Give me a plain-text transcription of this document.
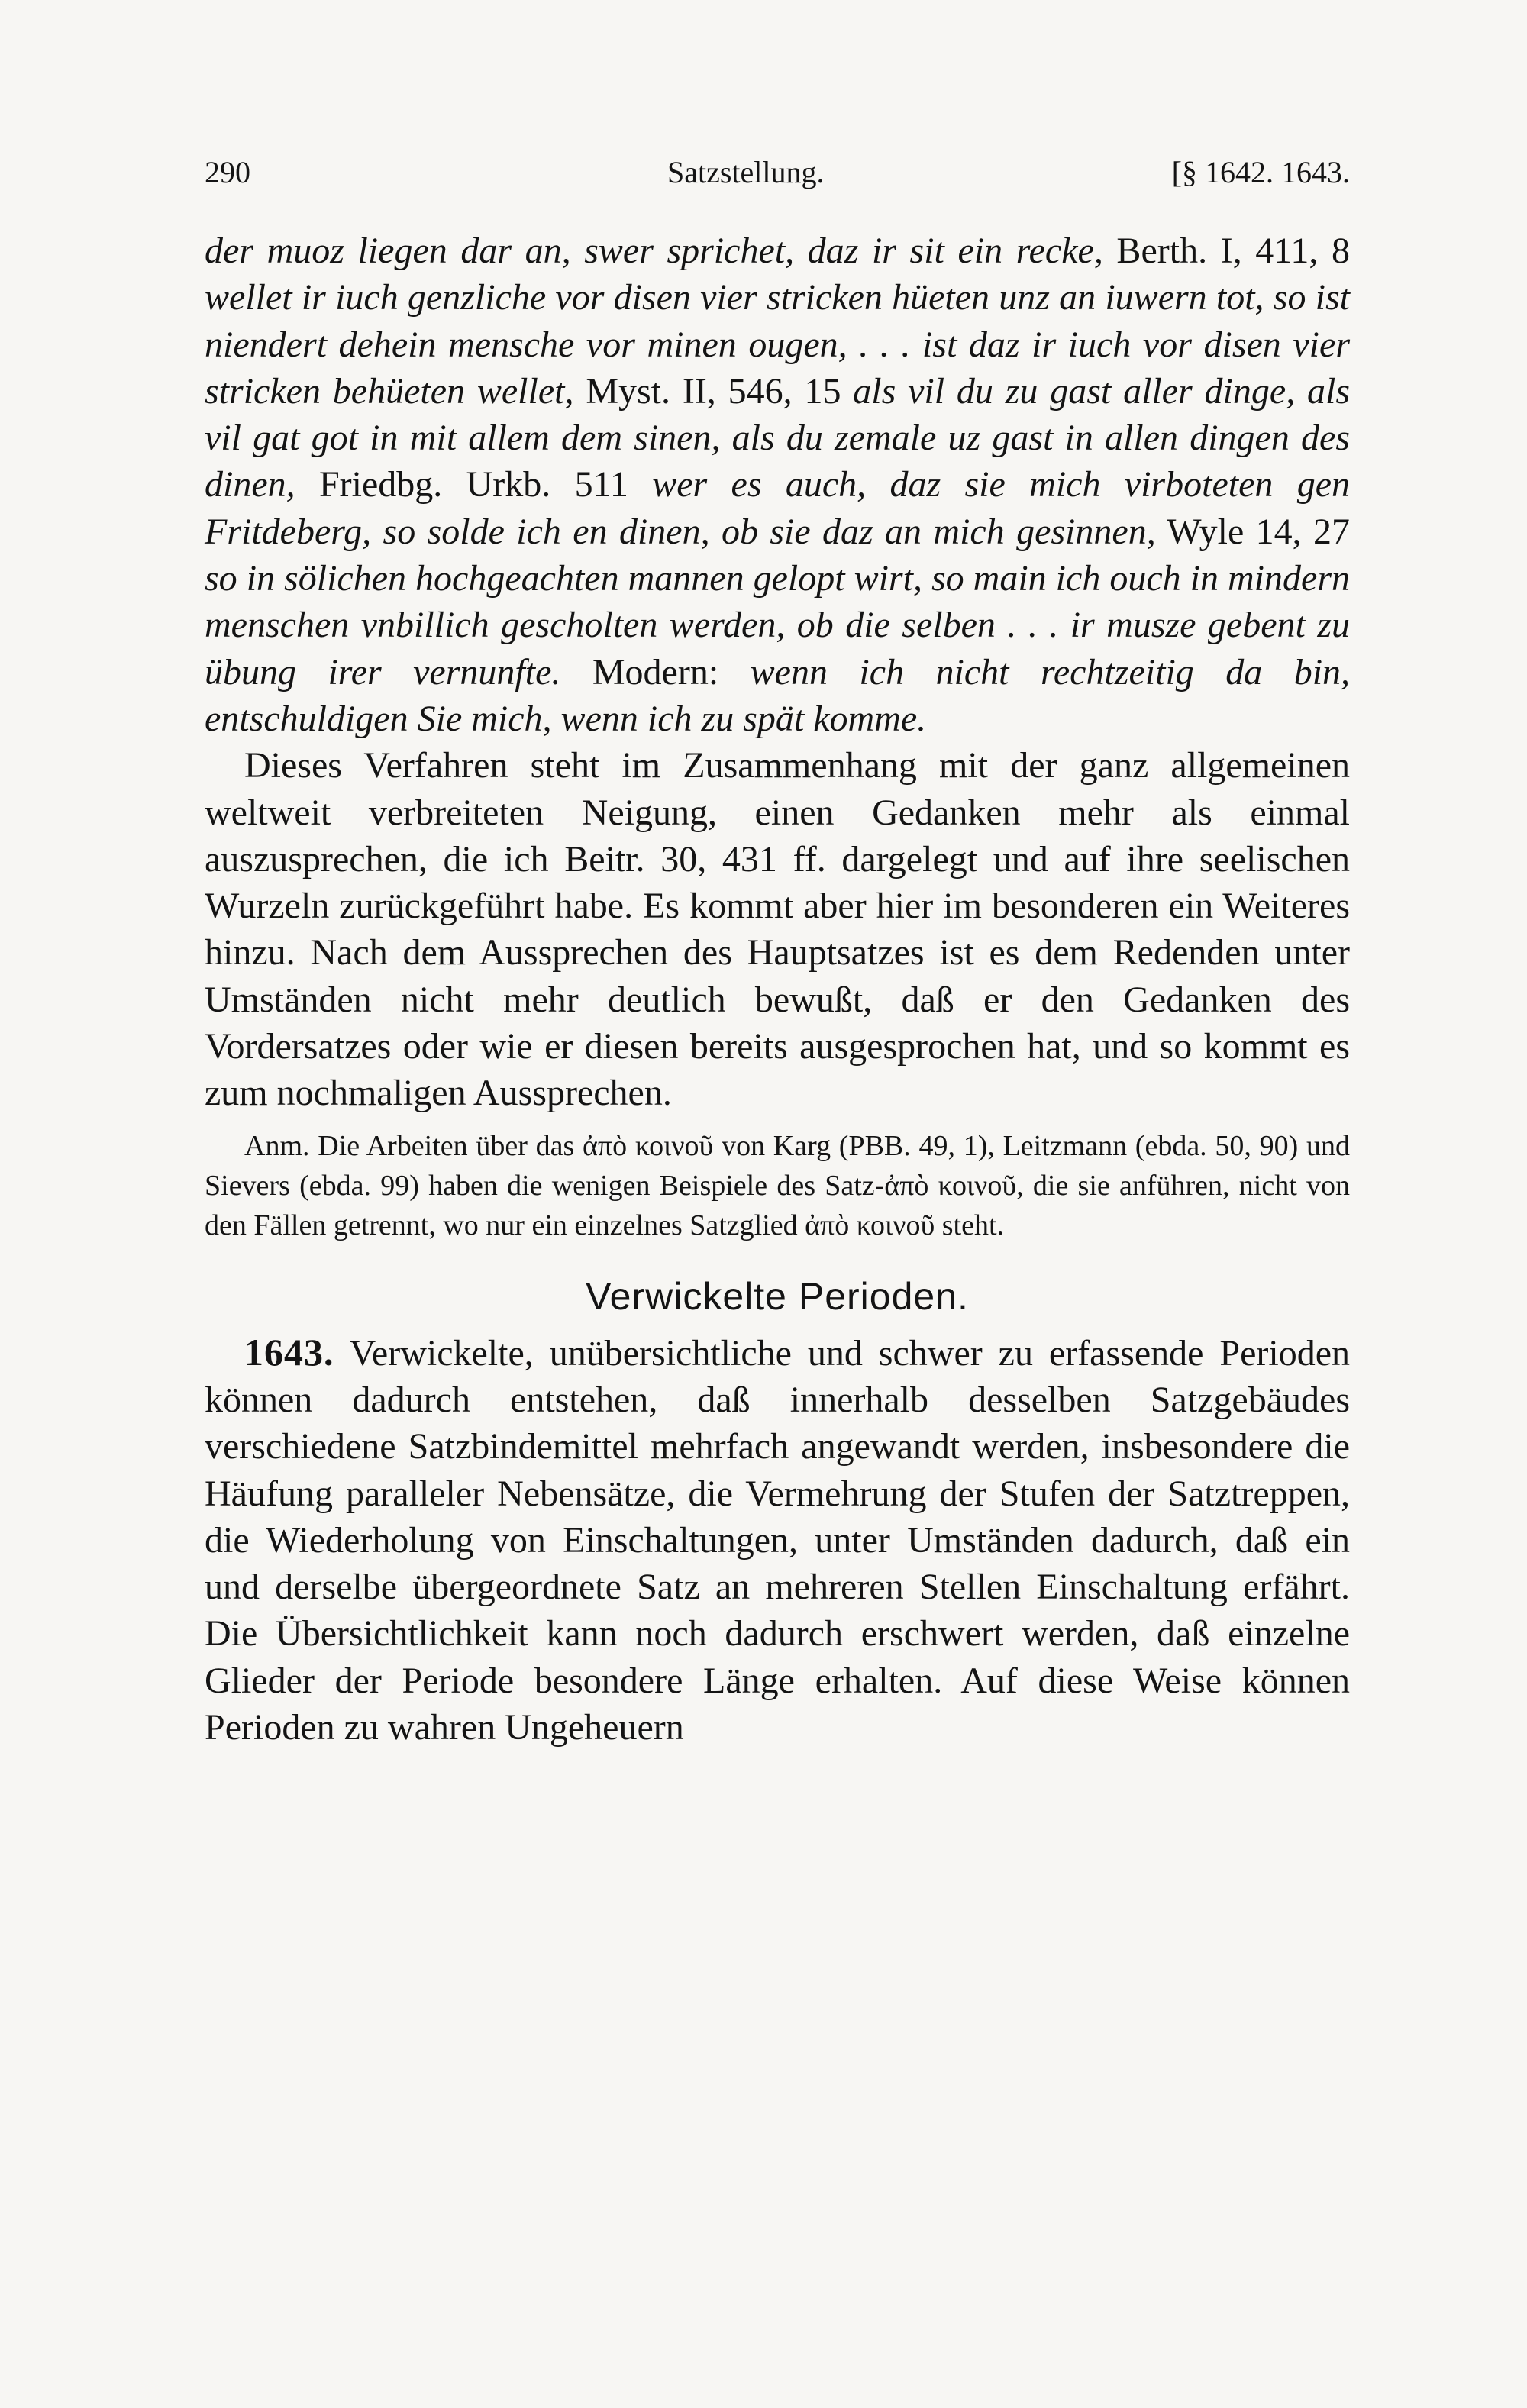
290	Satzstellung.	[§ 1642. 1643.

der muoz liegen dar an, swer sprichet, daz ir sit ein recke, Berth. I, 411, 8 wellet ir iuch genzliche vor disen vier stricken hüeten unz an iuwern tot, so ist niendert dehein mensche vor minen ougen, . . . ist daz ir iuch vor disen vier stricken behüeten wellet, Myst. II, 546, 15 als vil du zu gast aller dinge, als vil gat got in mit allem dem sinen, als du zemale uz gast in allen dingen des dinen, Friedbg. Urkb. 511 wer es auch, daz sie mich virboteten gen Fritdeberg, so solde ich en dinen, ob sie daz an mich gesinnen, Wyle 14, 27 so in sölichen hochgeachten mannen gelopt wirt, so main ich ouch in mindern menschen vnbillich gescholten werden, ob die selben . . . ir musze gebent zu übung irer vernunfte. Modern: wenn ich nicht rechtzeitig da bin, entschuldigen Sie mich, wenn ich zu spät komme.

Dieses Verfahren steht im Zusammenhang mit der ganz allgemeinen weltweit verbreiteten Neigung, einen Gedanken mehr als einmal auszusprechen, die ich Beitr. 30, 431 ff. dargelegt und auf ihre seelischen Wurzeln zurückgeführt habe. Es kommt aber hier im besonderen ein Weiteres hinzu. Nach dem Aussprechen des Hauptsatzes ist es dem Redenden unter Umständen nicht mehr deutlich bewußt, daß er den Gedanken des Vordersatzes oder wie er diesen bereits ausgesprochen hat, und so kommt es zum nochmaligen Aussprechen.

Anm. Die Arbeiten über das ἀπὸ κοινοῦ von Karg (PBB. 49, 1), Leitzmann (ebda. 50, 90) und Sievers (ebda. 99) haben die wenigen Beispiele des Satz-ἀπὸ κοινοῦ, die sie anführen, nicht von den Fällen getrennt, wo nur ein einzelnes Satzglied ἀπὸ κοινοῦ steht.

Verwickelte Perioden.

1643. Verwickelte, unübersichtliche und schwer zu erfassende Perioden können dadurch entstehen, daß innerhalb desselben Satzgebäudes verschiedene Satzbindemittel mehrfach angewandt werden, insbesondere die Häufung paralleler Nebensätze, die Vermehrung der Stufen der Satztreppen, die Wiederholung von Einschaltungen, unter Umständen dadurch, daß ein und derselbe übergeordnete Satz an mehreren Stellen Einschaltung erfährt. Die Übersichtlichkeit kann noch dadurch erschwert werden, daß einzelne Glieder der Periode besondere Länge erhalten. Auf diese Weise können Perioden zu wahren Ungeheuern
